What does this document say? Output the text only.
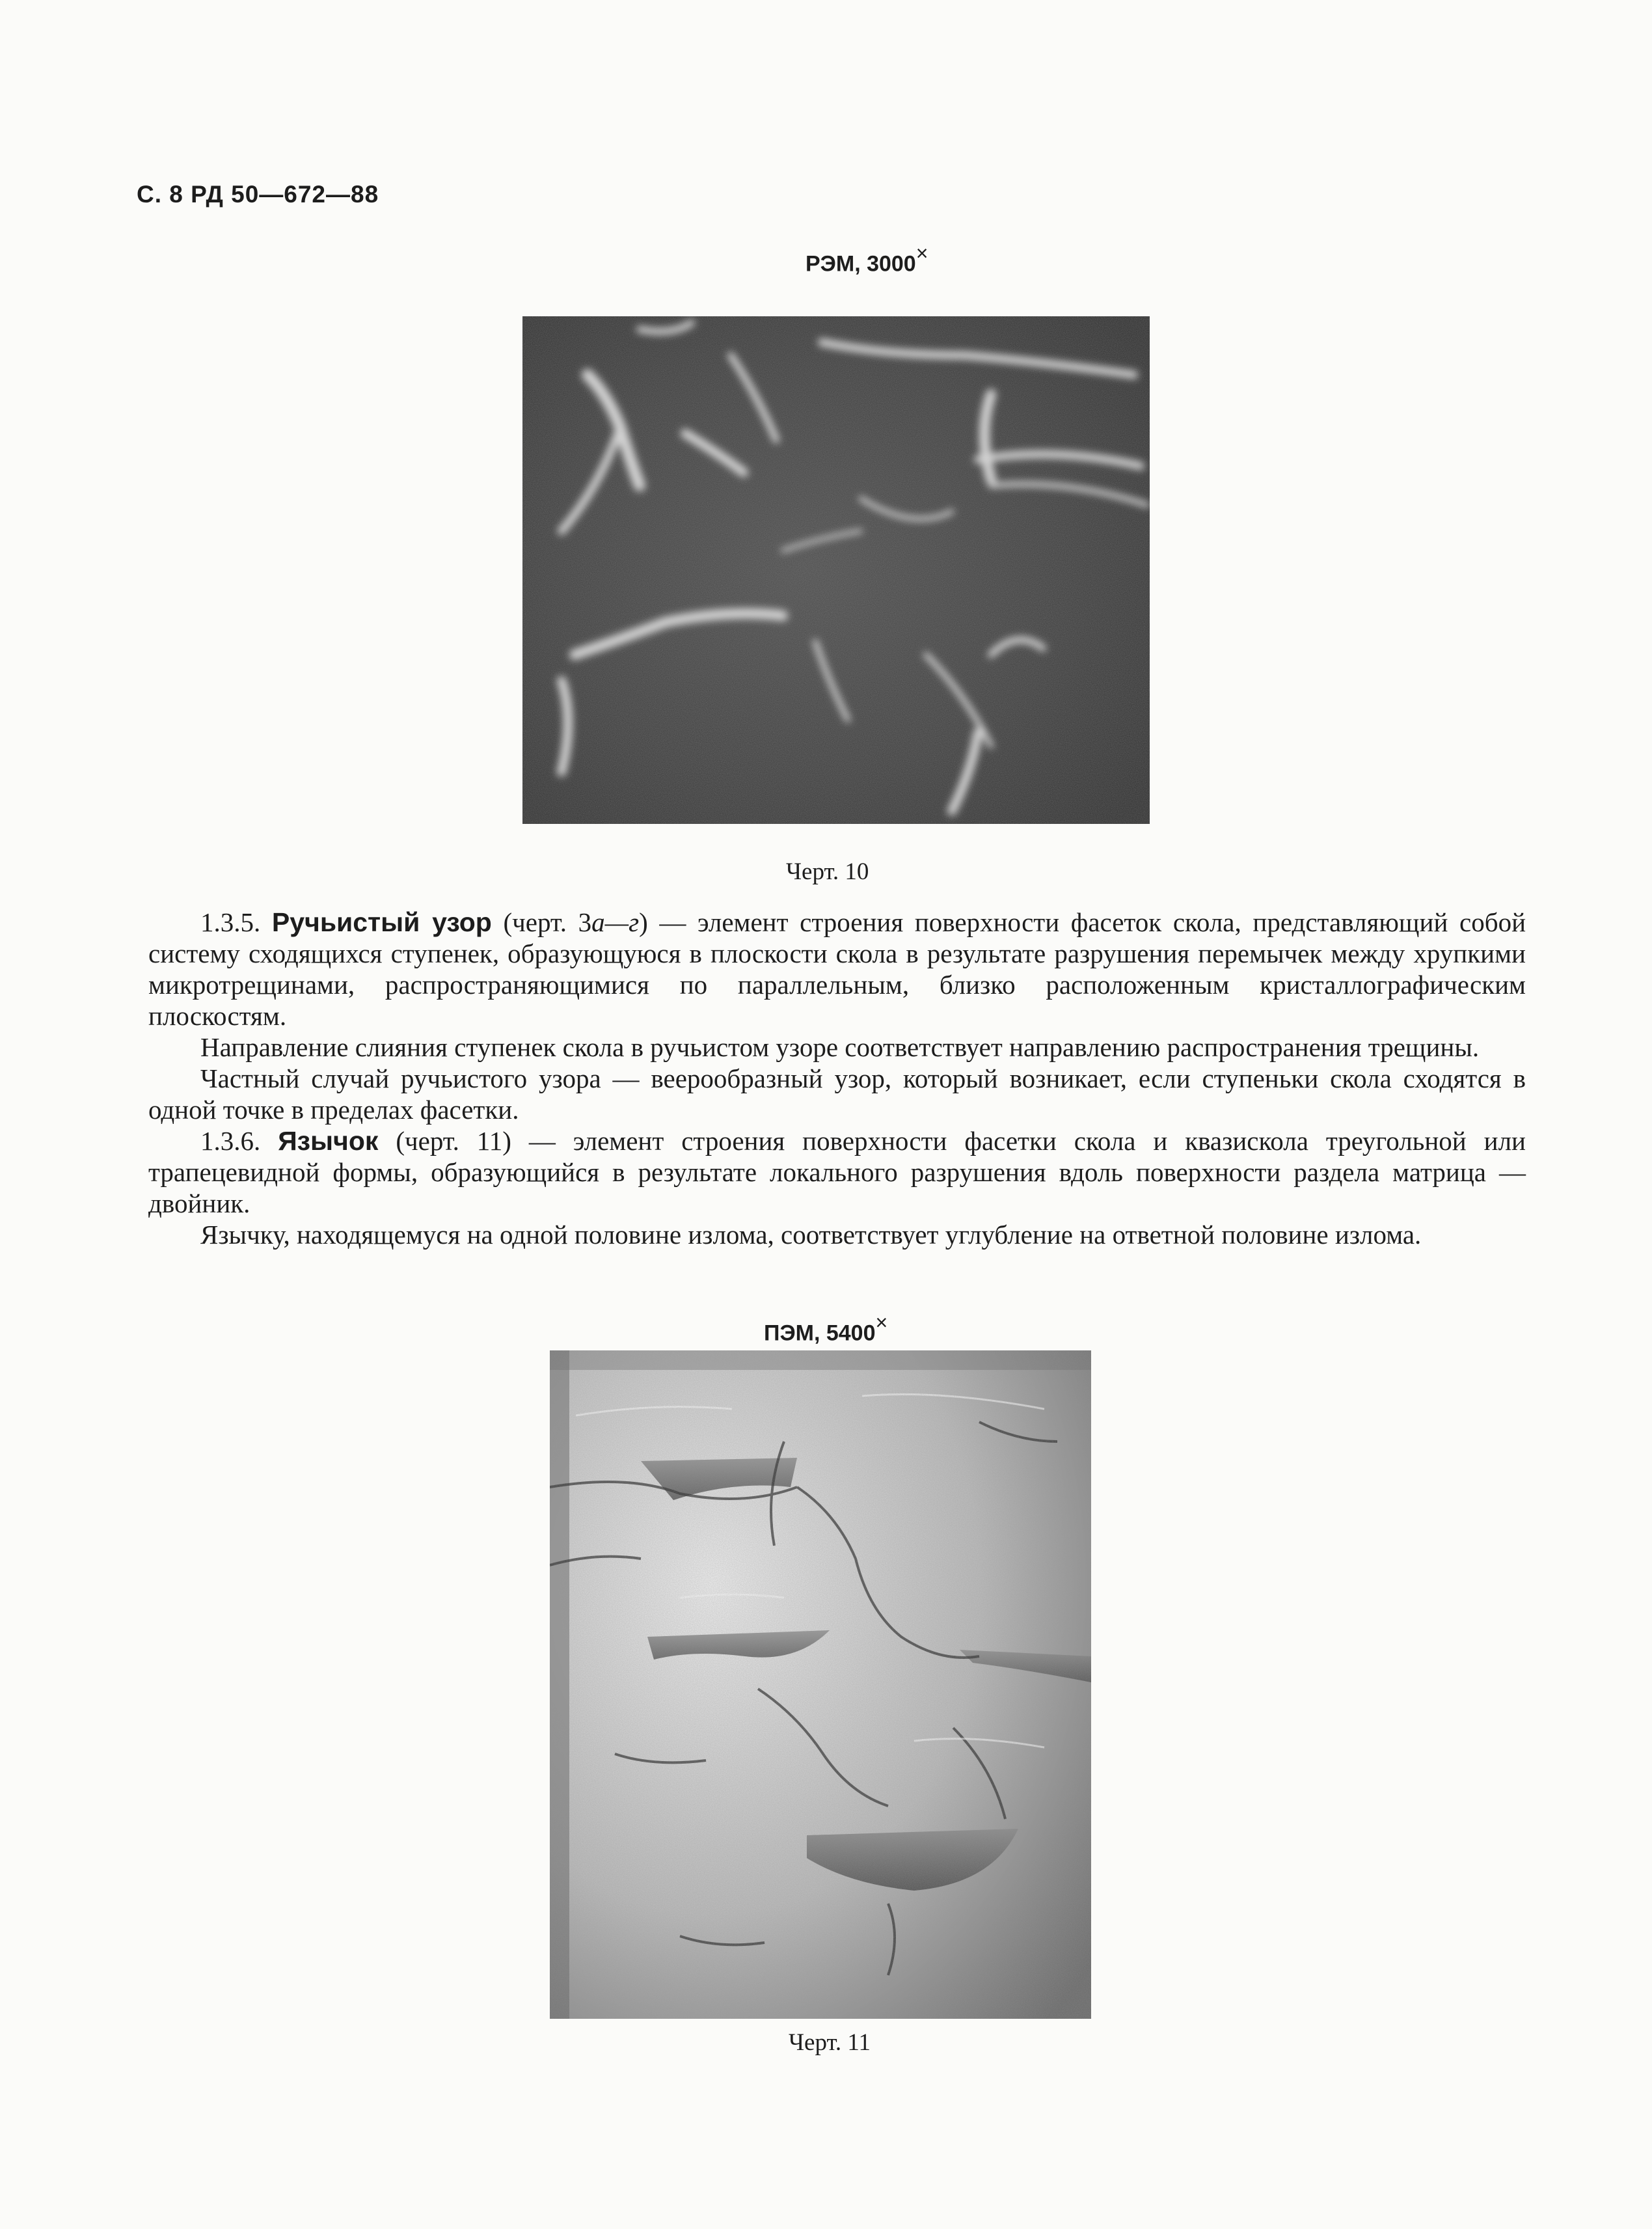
С. 8 РД 50—672—88
РЭМ, 3000×
Черт. 10

1.3.5. Ручьистый узор (черт. 3а—г) — элемент строения поверхности фасеток скола, представляющий собой систему сходящихся ступенек, образующуюся в плоскости скола в результате разрушения перемычек между хрупкими микротрещинами, распространяющимися по параллельным, близко расположенным кристаллографическим плоскостям.

Направление слияния ступенек скола в ручьистом узоре соответствует направлению распространения трещины.

Частный случай ручьистого узора — веерообразный узор, который возникает, если ступеньки скола сходятся в одной точке в пределах фасетки.

1.3.6. Язычок (черт. 11) — элемент строения поверхности фасетки скола и квазискола треугольной или трапецевидной формы, образующийся в результате локального разрушения вдоль поверхности раздела матрица — двойник.

Язычку, находящемуся на одной половине излома, соответствует углубление на ответной половине излома.

ПЭМ, 5400×
Черт. 11
